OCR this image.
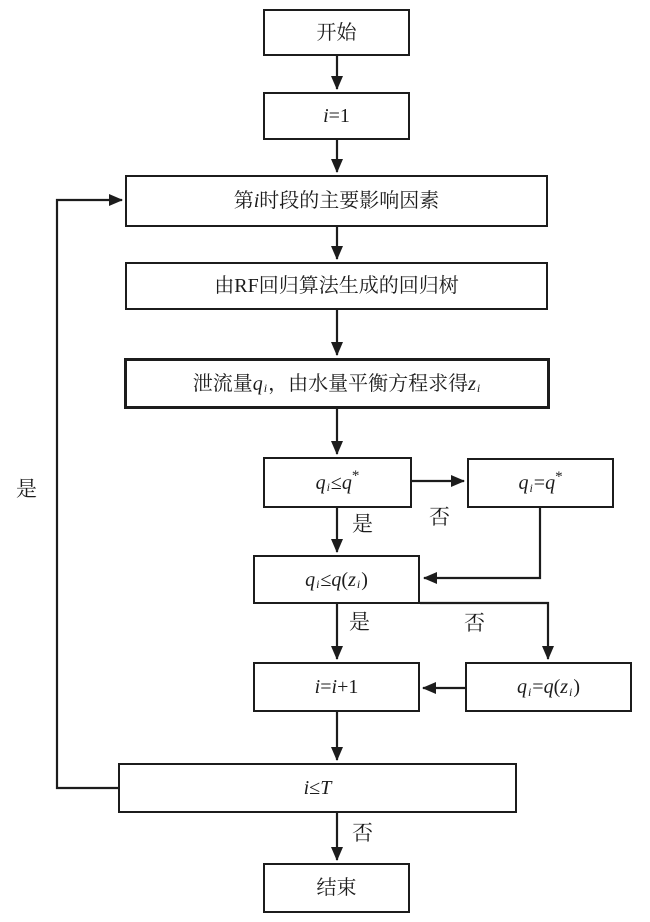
开始
i =1
第 i 时段的主要影响因素
由RF回归算法生成的回归树
泄流量 q i ，由水量平衡方程求得 z i
q i ≤ q *	q i = q *
q i ≤ q ( z i )
i = i +1	q i = q ( z i )
i ≤ T
结束
是	否
是	否
是
否
